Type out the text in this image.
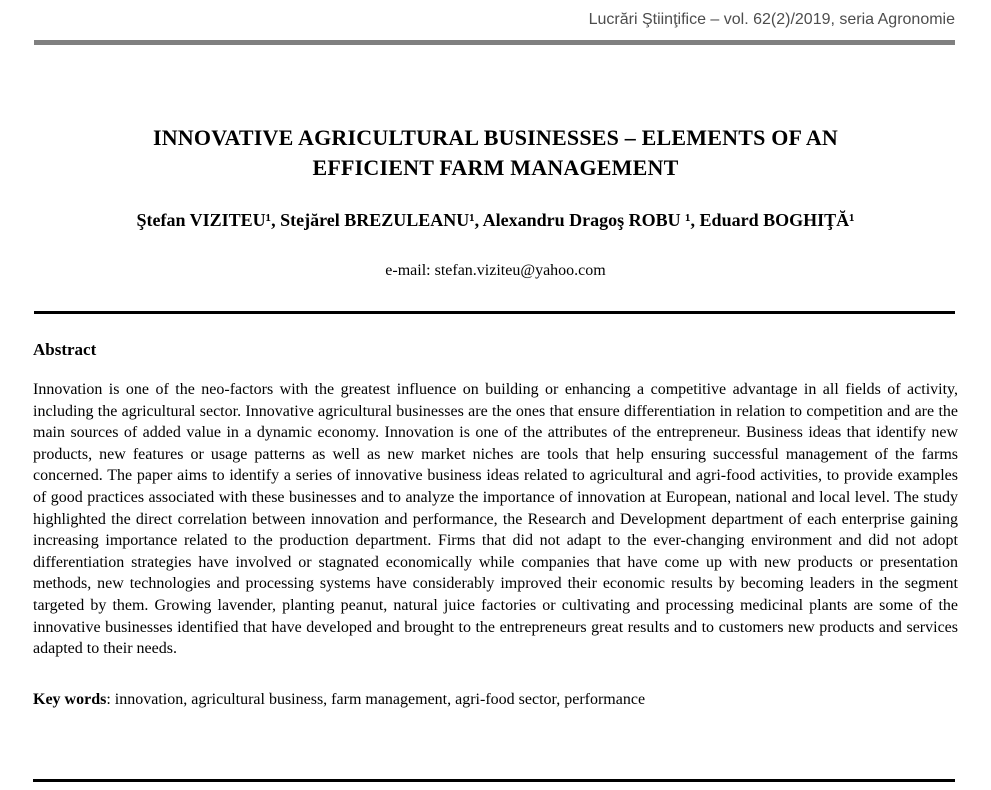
Lucrări Ştiinţifice – vol. 62(2)/2019, seria Agronomie
INNOVATIVE AGRICULTURAL BUSINESSES – ELEMENTS OF AN
EFFICIENT FARM MANAGEMENT
Ştefan VIZITEU¹, Stejărel BREZULEANU¹, Alexandru Dragoş ROBU ¹, Eduard BOGHIŢĂ¹
e-mail: stefan.viziteu@yahoo.com
Abstract

Innovation is one of the neo-factors with the greatest influence on building or enhancing a competitive advantage in all fields of activity, including the agricultural sector. Innovative agricultural businesses are the ones that ensure differentiation in relation to competition and are the main sources of added value in a dynamic economy. Innovation is one of the attributes of the entrepreneur. Business ideas that identify new products, new features or usage patterns as well as new market niches are tools that help ensuring successful management of the farms concerned. The paper aims to identify a series of innovative business ideas related to agricultural and agri-food activities, to provide examples of good practices associated with these businesses and to analyze the importance of innovation at European, national and local level. The study highlighted the direct correlation between innovation and performance, the Research and Development department of each enterprise gaining increasing importance related to the production department. Firms that did not adapt to the ever-changing environment and did not adopt differentiation strategies have involved or stagnated economically while companies that have come up with new products or presentation methods, new technologies and processing systems have considerably improved their economic results by becoming leaders in the segment targeted by them. Growing lavender, planting peanut, natural juice factories or cultivating and processing medicinal plants are some of the innovative businesses identified that have developed and brought to the entrepreneurs great results and to customers new products and services adapted to their needs.

Key words: innovation, agricultural business, farm management, agri-food sector, performance
